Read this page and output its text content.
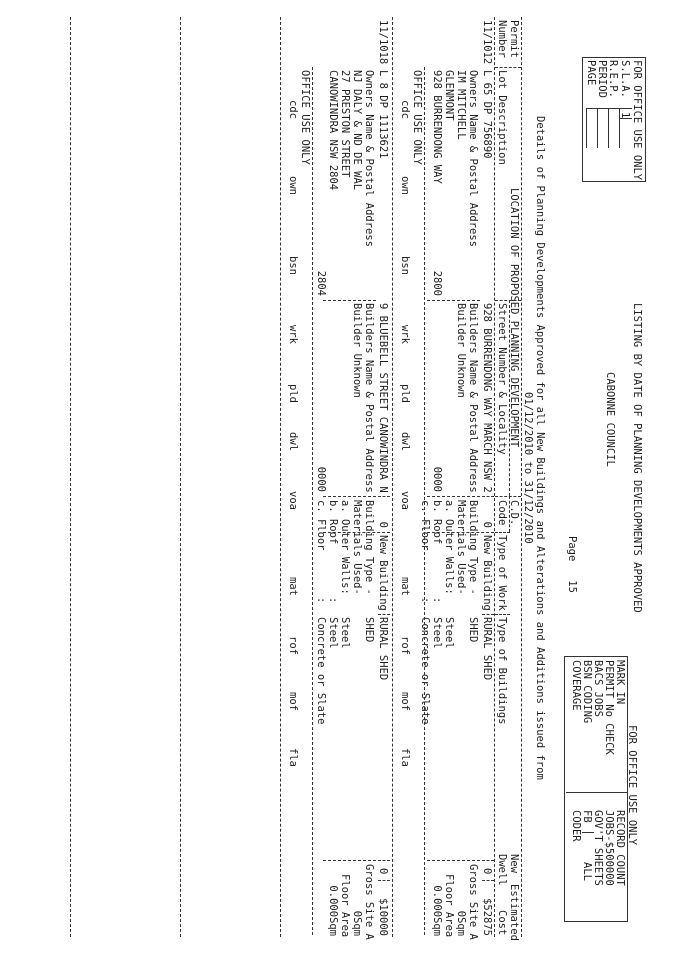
FOR OFFICE USE ONLY
S.L.A.
1
R.E.P.
PERIOD
PAGE
LISTING BY DATE OF PLANNING DEVELOPMENTS APPROVED
CABONNE COUNCIL
Page   15
FOR OFFICE USE ONLY
MARK IN
PERMIT No CHECK
BACS JOBS
BSN CODING
COVERAGE
RECORD COUNT
JOBS-$500000
GOV'T SHEETS
FB
ALL
CODER
Details of Planning Developments Approved for all New Buildings and Alterations and Additions issued from
01/12/2010 to 31/12/2010
Permit
Number
Lot Description
LOCATION OF PROPOSED PLANNING DEVELOPMENT
Street Number & Locality
C.D.
Code
Type of Work
Type of Buildings
New
Dwell
Estimated
Cost
11/1012
L 65 DP 756890
928 BURRENDONG WAY MARCH NSW 2
0
New Building
RURAL SHED
0
$52875
Owners Name & Postal Address
IM MITCHELL
GLENMONT
928 BURRENDONG WAY
2800
Builders Name & Postal Address
Builder Unknown
0000
Building Type -
SHED
Materials Used-
a. Outer Walls:
Steel
b. Roof
:
Steel
c. Floor
:
Concrete or Slate
Gross Site A
0Sqm
Floor Area
0.000Sqm
OFFICE USE ONLY
cdc
own
bsn
wrk
pld
dwl
voa
mat
rof
mof
fla
11/1018
L 8 DP 1113621
9 BLUEBELL STREET CANOWINDRA N
0
New Building
RURAL SHED
0
$10000
Owners Name & Postal Address
NJ DALY & ND DE WAL
27 PRESTON STREET
CANOWINDRA NSW 2804
2804
Builders Name & Postal Address
Builder Unknown
0000
Building Type -
SHED
Materials Used-
a. Outer Walls:
Steel
b. Roof
:
Steel
c. Floor
:
Concrete or Slate
Gross Site A
0Sqm
Floor Area
0.000Sqm
OFFICE USE ONLY
cdc
own
bsn
wrk
pld
dwl
voa
mat
rof
mof
fla
